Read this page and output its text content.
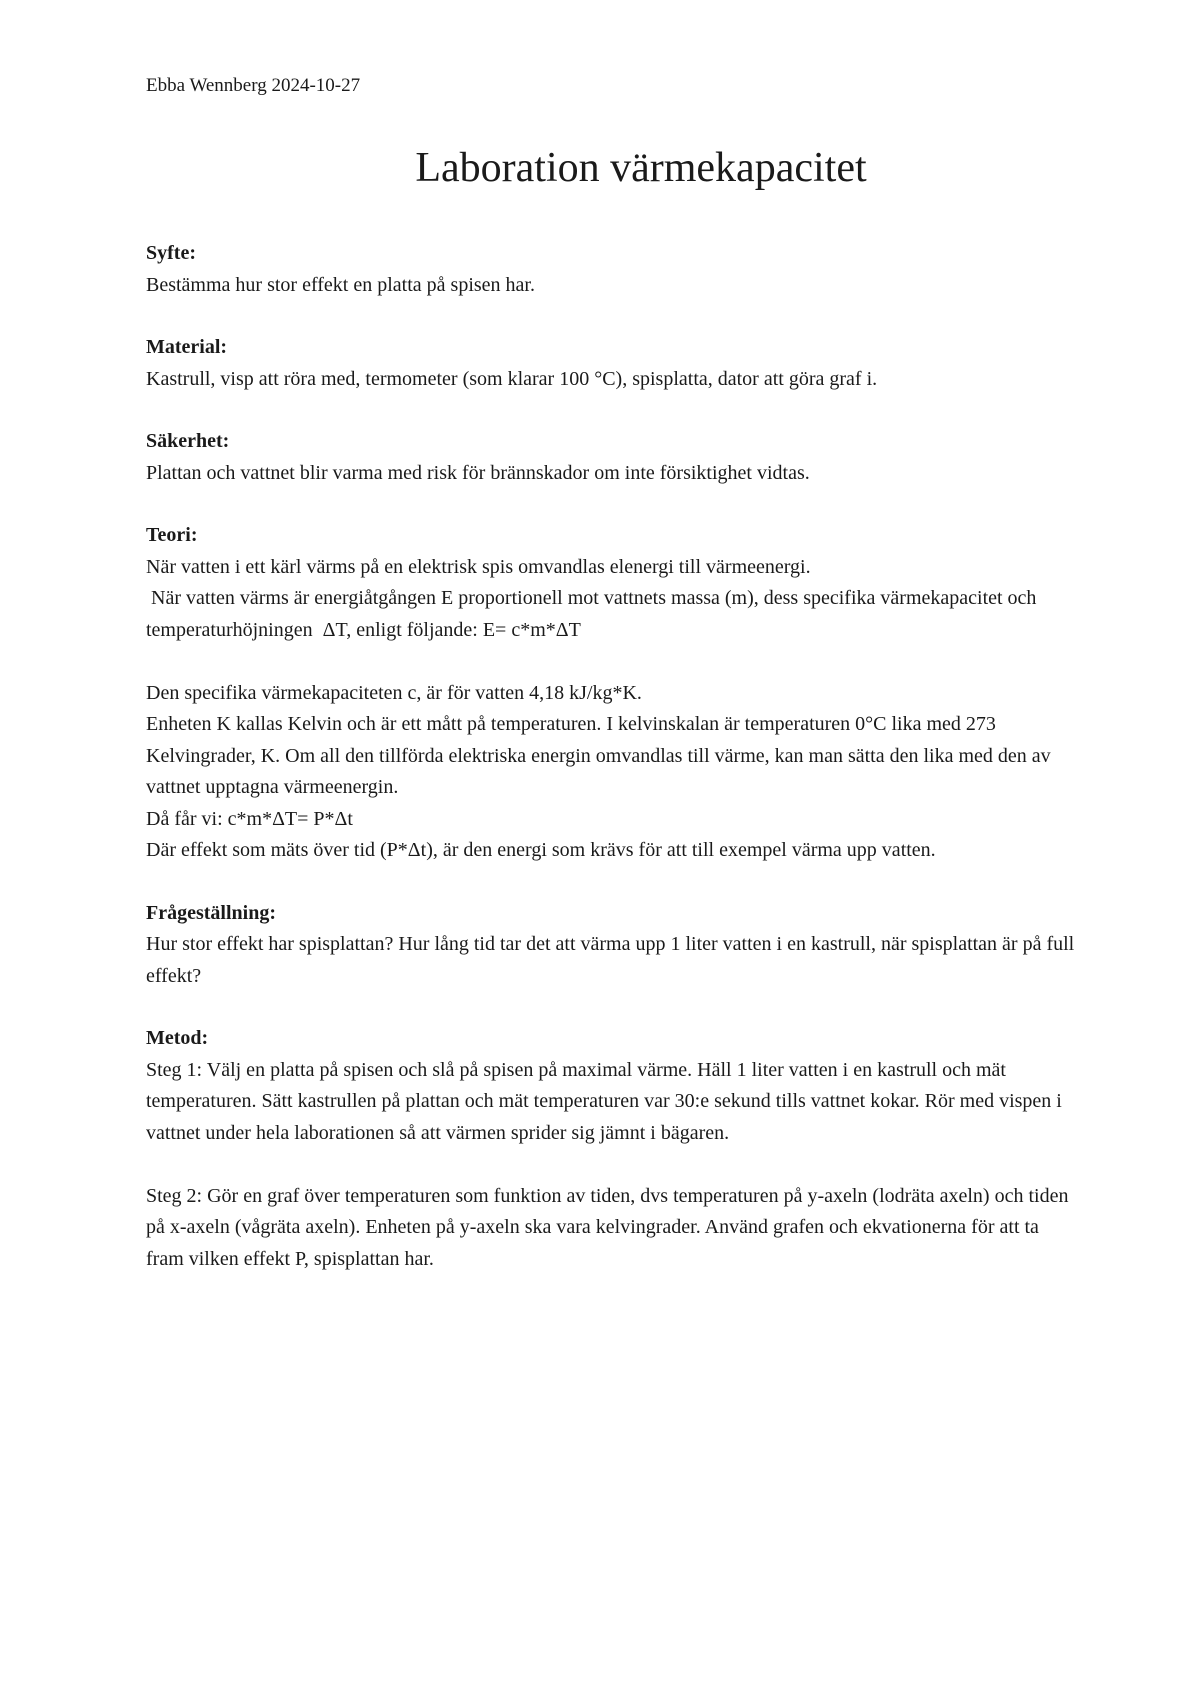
Ebba Wennberg 2024-10-27

Laboration värmekapacitet

Syfte:

Bestämma hur stor effekt en platta på spisen har.

Material:

Kastrull, visp att röra med, termometer (som klarar 100 °C), spisplatta, dator att göra graf i.

Säkerhet:

Plattan och vattnet blir varma med risk för brännskador om inte försiktighet vidtas.

Teori:

När vatten i ett kärl värms på en elektrisk spis omvandlas elenergi till värmeenergi.

När vatten värms är energiåtgången E proportionell mot vattnets massa (m), dess specifika värmekapacitet och temperaturhöjningen  ΔT, enligt följande: E= c*m*ΔT

Den specifika värmekapaciteten c, är för vatten 4,18 kJ/kg*K.

Enheten K kallas Kelvin och är ett mått på temperaturen. I kelvinskalan är temperaturen 0°C lika med 273 Kelvingrader, K. Om all den tillförda elektriska energin omvandlas till värme, kan man sätta den lika med den av vattnet upptagna värmeenergin.

Då får vi: c*m*ΔT= P*Δt

Där effekt som mäts över tid (P*Δt), är den energi som krävs för att till exempel värma upp vatten.

Frågeställning:

Hur stor effekt har spisplattan? Hur lång tid tar det att värma upp 1 liter vatten i en kastrull, när spisplattan är på full effekt?

Metod:

Steg 1: Välj en platta på spisen och slå på spisen på maximal värme. Häll 1 liter vatten i en kastrull och mät temperaturen. Sätt kastrullen på plattan och mät temperaturen var 30:e sekund tills vattnet kokar. Rör med vispen i vattnet under hela laborationen så att värmen sprider sig jämnt i bägaren.

Steg 2: Gör en graf över temperaturen som funktion av tiden, dvs temperaturen på y-axeln (lodräta axeln) och tiden på x-axeln (vågräta axeln). Enheten på y-axeln ska vara kelvingrader. Använd grafen och ekvationerna för att ta fram vilken effekt P, spisplattan har.
